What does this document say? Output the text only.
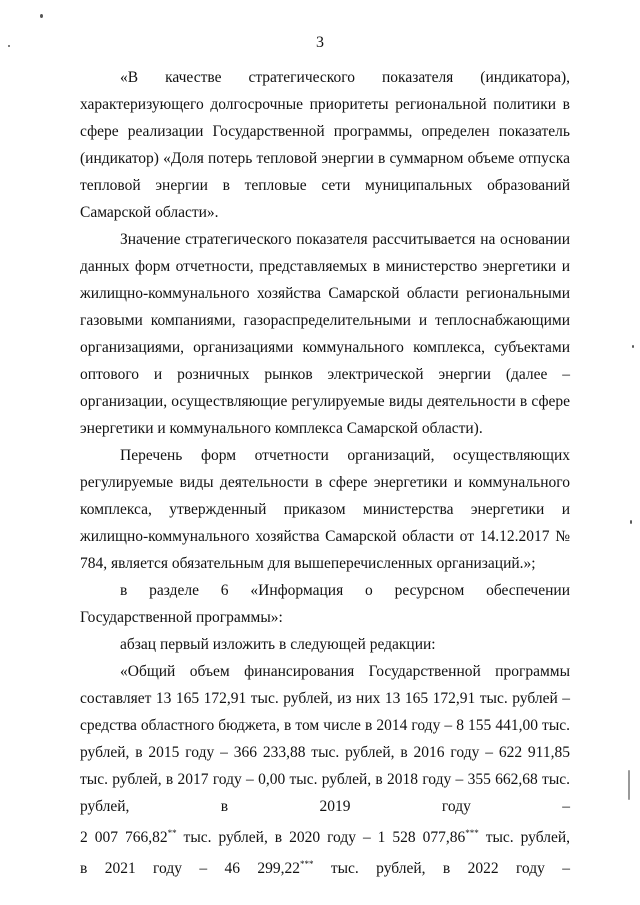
3

«В качестве стратегического показателя (индикатора), характеризующего долгосрочные приоритеты региональной политики в сфере реализации Государственной программы, определен показатель (индикатор) «Доля потерь тепловой энергии в суммарном объеме отпуска тепловой энергии в тепловые сети муниципальных образований Самарской области».

Значение стратегического показателя рассчитывается на основании данных форм отчетности, представляемых в министерство энергетики и жилищно-коммунального хозяйства Самарской области региональными газовыми компаниями, газораспределительными и теплоснабжающими организациями, организациями коммунального комплекса, субъектами оптового и розничных рынков электрической энергии (далее – организации, осуществляющие регулируемые виды деятельности в сфере энергетики и коммунального комплекса Самарской области).

Перечень форм отчетности организаций, осуществляющих регулируемые виды деятельности в сфере энергетики и коммунального комплекса, утвержденный приказом министерства энергетики и жилищно-коммунального хозяйства Самарской области от 14.12.2017 № 784, является обязательным для вышеперечисленных организаций.»;

в разделе 6 «Информация о ресурсном обеспечении Государственной программы»:

абзац первый изложить в следующей редакции:

«Общий объем финансирования Государственной программы составляет 13 165 172,91 тыс. рублей, из них 13 165 172,91 тыс. рублей – средства областного бюджета, в том числе в 2014 году – 8 155 441,00 тыс. рублей, в 2015 году – 366 233,88 тыс. рублей, в 2016 году – 622 911,85 тыс. рублей, в 2017 году – 0,00 тыс. рублей, в 2018 году – 355 662,68 тыс. рублей, в 2019 году –

2 007 766,82** тыс. рублей, в 2020 году – 1 528 077,86*** тыс. рублей,

в 2021 году – 46 299,22*** тыс. рублей, в 2022 году –
